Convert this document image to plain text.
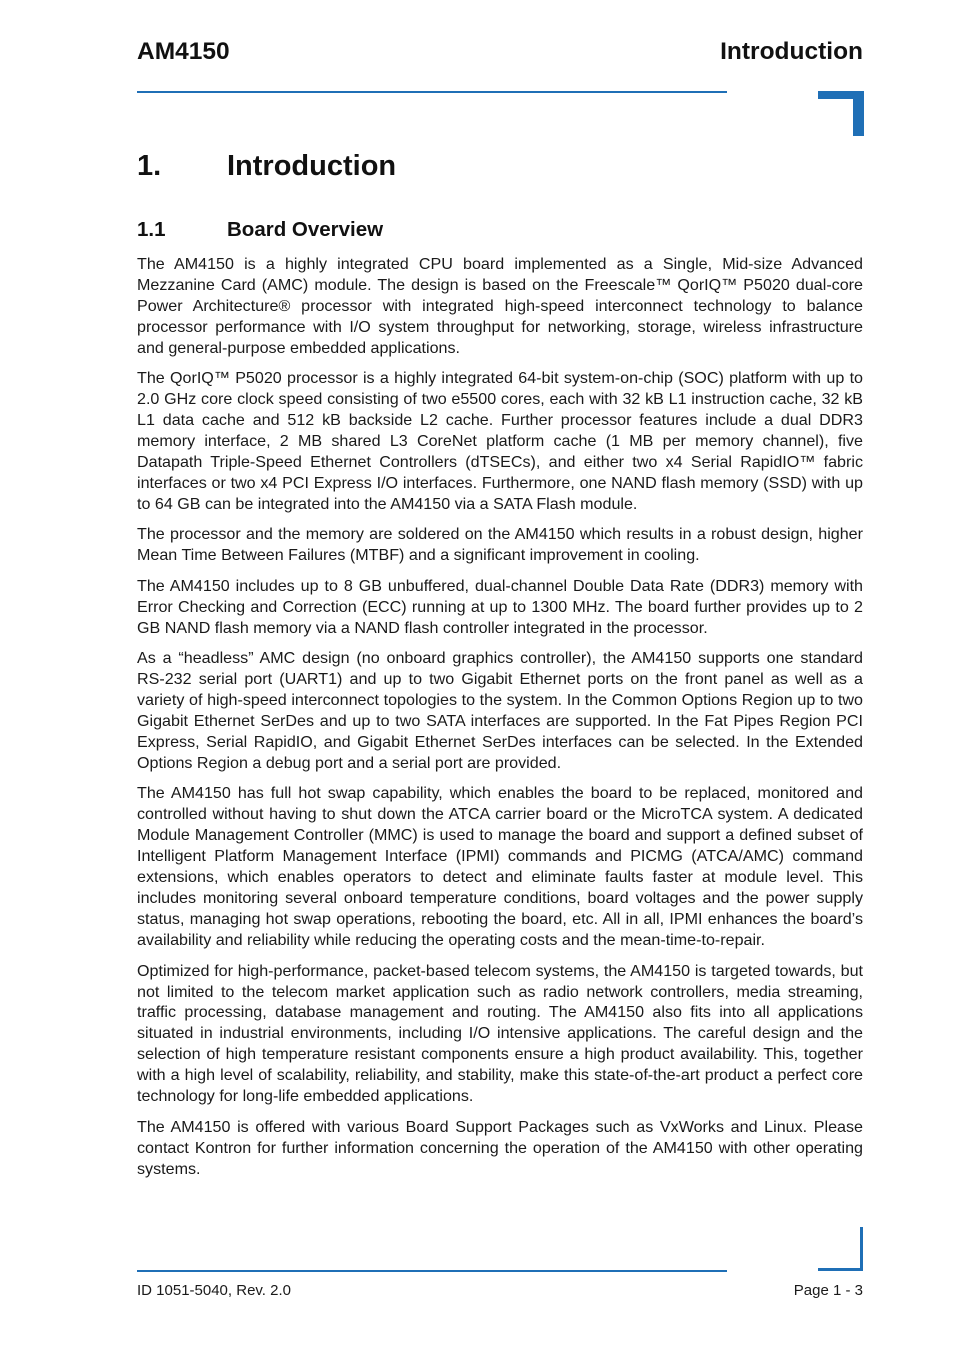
AM4150	Introduction
1. Introduction
1.1	Board Overview

The AM4150 is a highly integrated CPU board implemented as a Single, Mid-size Advanced Mezzanine Card (AMC) module. The design is based on the Freescale™ QorIQ™ P5020 dual-core Power Architecture® processor with integrated high-speed interconnect technology to balance processor performance with I/O system throughput for networking, storage, wireless infrastructure and general-purpose embedded applications.

The QorIQ™ P5020 processor is a highly integrated 64-bit system-on-chip (SOC) platform with up to 2.0 GHz core clock speed consisting of two e5500 cores, each with 32 kB L1 instruction cache, 32 kB L1 data cache and 512 kB backside L2 cache. Further processor features include a dual DDR3 memory interface, 2 MB shared L3 CoreNet platform cache (1 MB per memory channel), five Datapath Triple-Speed Ethernet Controllers (dTSECs), and either two x4 Serial RapidIO™ fabric interfaces or two x4 PCI Express I/O interfaces. Furthermore, one NAND flash memory (SSD) with up to 64 GB can be integrated into the AM4150 via a SATA Flash module.

The processor and the memory are soldered on the AM4150 which results in a robust design, higher Mean Time Between Failures (MTBF) and a significant improvement in cooling.

The AM4150 includes up to 8 GB unbuffered, dual-channel Double Data Rate (DDR3) memory with Error Checking and Correction (ECC) running at up to 1300 MHz. The board further provides up to 2 GB NAND flash memory via a NAND flash controller integrated in the processor.

As a “headless” AMC design (no onboard graphics controller), the AM4150 supports one standard RS-232 serial port (UART1) and up to two Gigabit Ethernet ports on the front panel as well as a variety of high-speed interconnect topologies to the system. In the Common Options Region up to two Gigabit Ethernet SerDes and up to two SATA interfaces are supported. In the Fat Pipes Region PCI Express, Serial RapidIO, and Gigabit Ethernet SerDes interfaces can be selected. In the Extended Options Region a debug port and a serial port are provided.

The AM4150 has full hot swap capability, which enables the board to be replaced, monitored and controlled without having to shut down the ATCA carrier board or the MicroTCA system. A dedicated Module Management Controller (MMC) is used to manage the board and support a defined subset of Intelligent Platform Management Interface (IPMI) commands and PICMG (ATCA/AMC) command extensions, which enables operators to detect and eliminate faults faster at module level. This includes monitoring several onboard temperature conditions, board voltages and the power supply status, managing hot swap operations, rebooting the board, etc. All in all, IPMI enhances the board’s availability and reliability while reducing the operating costs and the mean-time-to-repair.

Optimized for high-performance, packet-based telecom systems, the AM4150 is targeted towards, but not limited to the telecom market application such as radio network controllers, media streaming, traffic processing, database management and routing. The AM4150 also fits into all applications situated in industrial environments, including I/O intensive applications. The careful design and the selection of high temperature resistant components ensure a high product availability. This, together with a high level of scalability, reliability, and stability, make this state-of-the-art product a perfect core technology for long-life embedded applications.

The AM4150 is offered with various Board Support Packages such as VxWorks and Linux. Please contact Kontron for further information concerning the operation of the AM4150 with other operating systems.

ID 1051-5040, Rev. 2.0	Page 1 - 3
